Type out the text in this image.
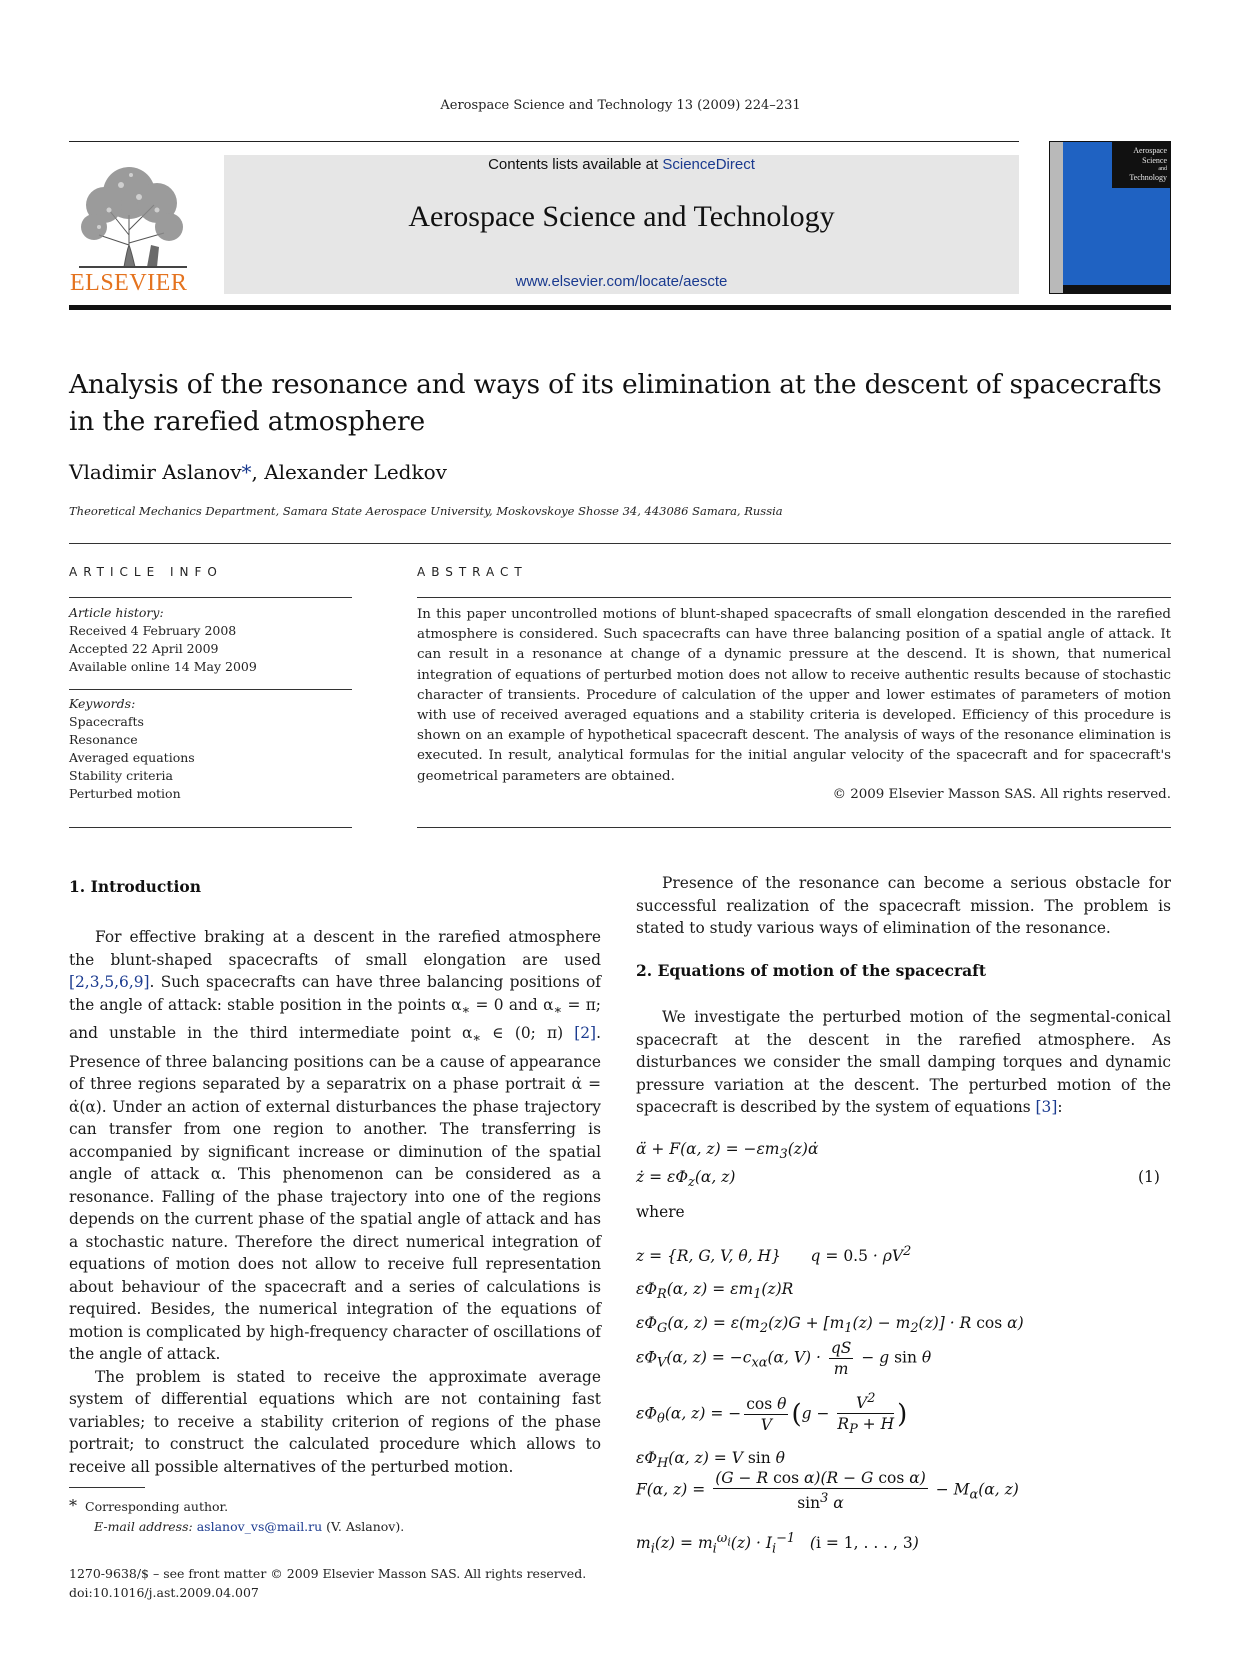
Aerospace Science and Technology 13 (2009) 224–231
ELSEVIER
Contents lists available at ScienceDirect
Aerospace Science and Technology
www.elsevier.com/locate/aescte
Aerospace
Science
and
Technology
Analysis of the resonance and ways of its elimination at the descent of spacecrafts in the rarefied atmosphere
Vladimir Aslanov*, Alexander Ledkov
Theoretical Mechanics Department, Samara State Aerospace University, Moskovskoye Shosse 34, 443086 Samara, Russia
ARTICLE INFO
Article history:
Received 4 February 2008
Accepted 22 April 2009
Available online 14 May 2009
Keywords:
Spacecrafts
Resonance
Averaged equations
Stability criteria
Perturbed motion
ABSTRACT
In this paper uncontrolled motions of blunt-shaped spacecrafts of small elongation descended in the rarefied atmosphere is considered. Such spacecrafts can have three balancing position of a spatial angle of attack. It can result in a resonance at change of a dynamic pressure at the descend. It is shown, that numerical integration of equations of perturbed motion does not allow to receive authentic results because of stochastic character of transients. Procedure of calculation of the upper and lower estimates of parameters of motion with use of received averaged equations and a stability criteria is developed. Efficiency of this procedure is shown on an example of hypothetical spacecraft descent. The analysis of ways of the resonance elimination is executed. In result, analytical formulas for the initial angular velocity of the spacecraft and for spacecraft's geometrical parameters are obtained.
© 2009 Elsevier Masson SAS. All rights reserved.
1. Introduction

For effective braking at a descent in the rarefied atmosphere the blunt-shaped spacecrafts of small elongation are used [2,3,5,6,9]. Such spacecrafts can have three balancing positions of the angle of attack: stable position in the points $\alpha_∗ = 0$ and $\alpha_∗ = \pi$; and unstable in the third intermediate point $\alpha_∗$ ∈ (0; π) [2]. Presence of three balancing positions can be a cause of appearance of three regions separated by a separatrix on a phase portrait α̇ = α̇(α). Under an action of external disturbances the phase trajectory can transfer from one region to another. The transferring is accompanied by significant increase or diminution of the spatial angle of attack α. This phenomenon can be considered as a resonance. Falling of the phase trajectory into one of the regions depends on the current phase of the spatial angle of attack and has a stochastic nature. Therefore the direct numerical integration of equations of motion does not allow to receive full representation about behaviour of the spacecraft and a series of calculations is required. Besides, the numerical integration of the equations of motion is complicated by high-frequency character of oscillations of the angle of attack.

The problem is stated to receive the approximate average system of differential equations which are not containing fast variables; to receive a stability criterion of regions of the phase portrait; to construct the calculated procedure which allows to receive all possible alternatives of the perturbed motion.

Presence of the resonance can become a serious obstacle for successful realization of the spacecraft mission. The problem is stated to study various ways of elimination of the resonance.

2. Equations of motion of the spacecraft

We investigate the perturbed motion of the segmental-conical spacecraft at the descent in the rarefied atmosphere. As disturbances we consider the small damping torques and dynamic pressure variation at the descent. The perturbed motion of the spacecraft is described by the system of equations [3]:

α̈ + F(α, $z) = -\varepsilon m_3(z)\alphȧ$
ż = $\varepsilon\Phi_z(\alpha$, z)	(1)
where
z = {R, G, V, θ, H}      $q = 0.5 \cdot \rho V^2$
$\varepsilon\Phi_R(\alpha$, $z) = \varepsilon m_1(z)R$
$\varepsilon\Phi_G(\alpha$, $z) = \varepsilon(m_2(z)G + [m_1(z) - m_2(z)] \cdot R$ cos α)
$\varepsilon\Phi_V(\alpha$, $z) = -c_{x\alpha}(\alpha$, $V) \cdot \frac{qS}{m} - g$ sin θ
$\varepsilon\Phi_\theta(\alpha$, z) = − $\frac{\text{cos θ}}{V} (g - \frac{V^2}{R_P + H}$ )
$\varepsilon\Phi_H(\alpha$, z) = V sin θ
F(α, $z) = \frac{\text{(G − R cos α)(R − G cos α)}}{\sin^3 \alpha} - M_\alpha(\alpha$, z)
$m_i(z) = m_i^{\omega_i}(z) \cdot I_i^{-1}$   (i = 1, . . . , 3)
* Corresponding author.
E-mail address: aslanov_vs@mail.ru (V. Aslanov).
1270-9638/$ – see front matter © 2009 Elsevier Masson SAS. All rights reserved.
doi:10.1016/j.ast.2009.04.007
